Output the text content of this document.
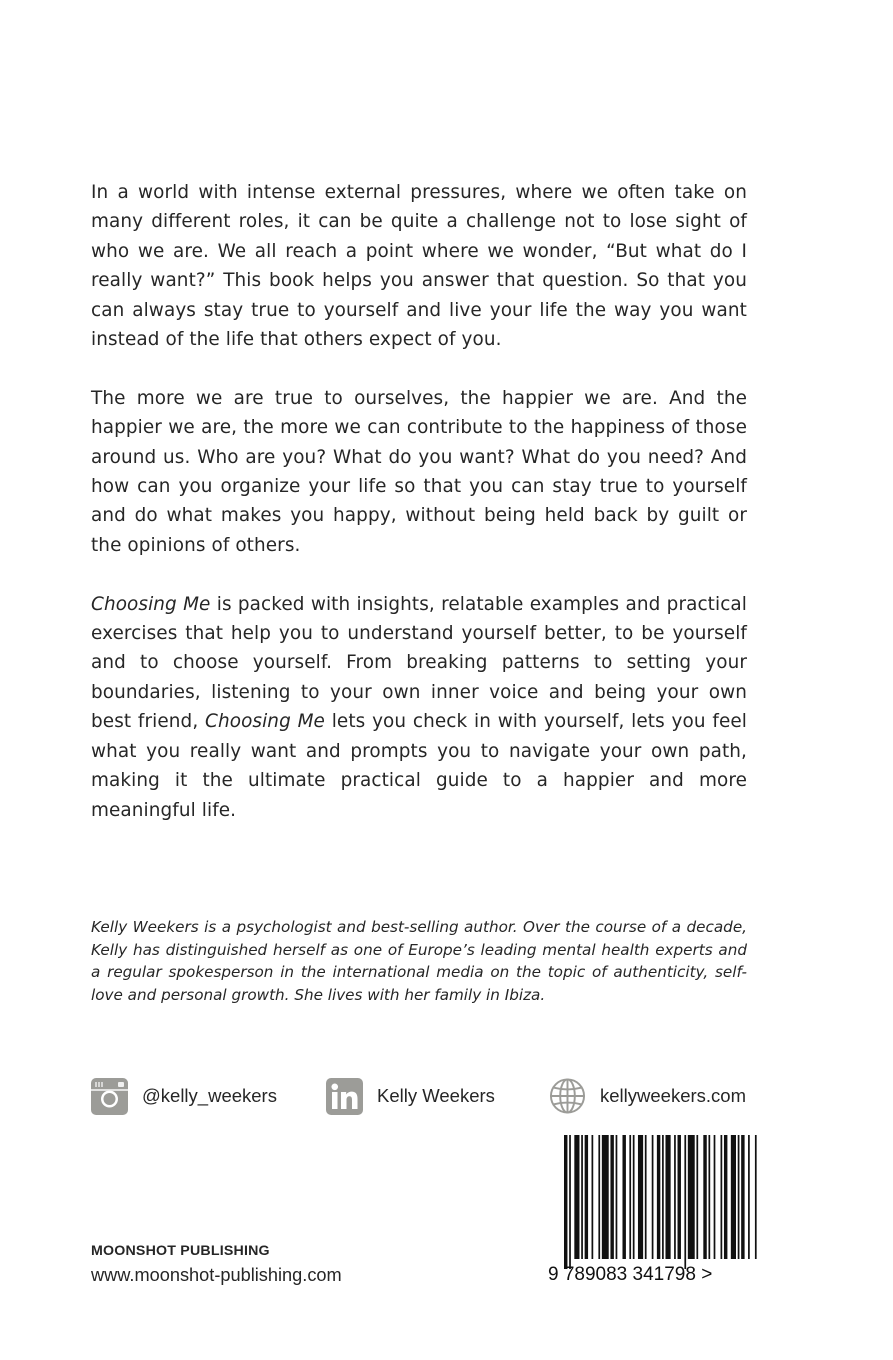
In a world with intense external pressures, where we often take on many different roles, it can be quite a challenge not to lose sight of who we are. We all reach a point where we wonder, “But what do I really want?” This book helps you answer that question. So that you can always stay true to yourself and live your life the way you want instead of the life that others expect of you.

The more we are true to ourselves, the happier we are. And the happier we are, the more we can contribute to the happiness of those around us. Who are you? What do you want? What do you need? And how can you organize your life so that you can stay true to yourself and do what makes you happy, without being held back by guilt or the opinions of others.

Choosing Me is packed with insights, relatable examples and practical exercises that help you to understand yourself better, to be yourself and to choose yourself. From breaking patterns to setting your boundaries, listening to your own inner voice and being your own best friend, Choosing Me lets you check in with yourself, lets you feel what you really want and prompts you to navigate your own path, making it the ultimate practical guide to a happier and more meaningful life.

Kelly Weekers is a psychologist and best-selling author. Over the course of a decade, Kelly has distinguished herself as one of Europe’s leading mental health experts and a regular spokesperson in the international media on the topic of authenticity, self-love and personal growth. She lives with her family in Ibiza.

@kelly_weekers	Kelly Weekers	kellyweekers.com
MOONSHOT PUBLISHING
www.moonshot-publishing.com	9 789083 341798 >
